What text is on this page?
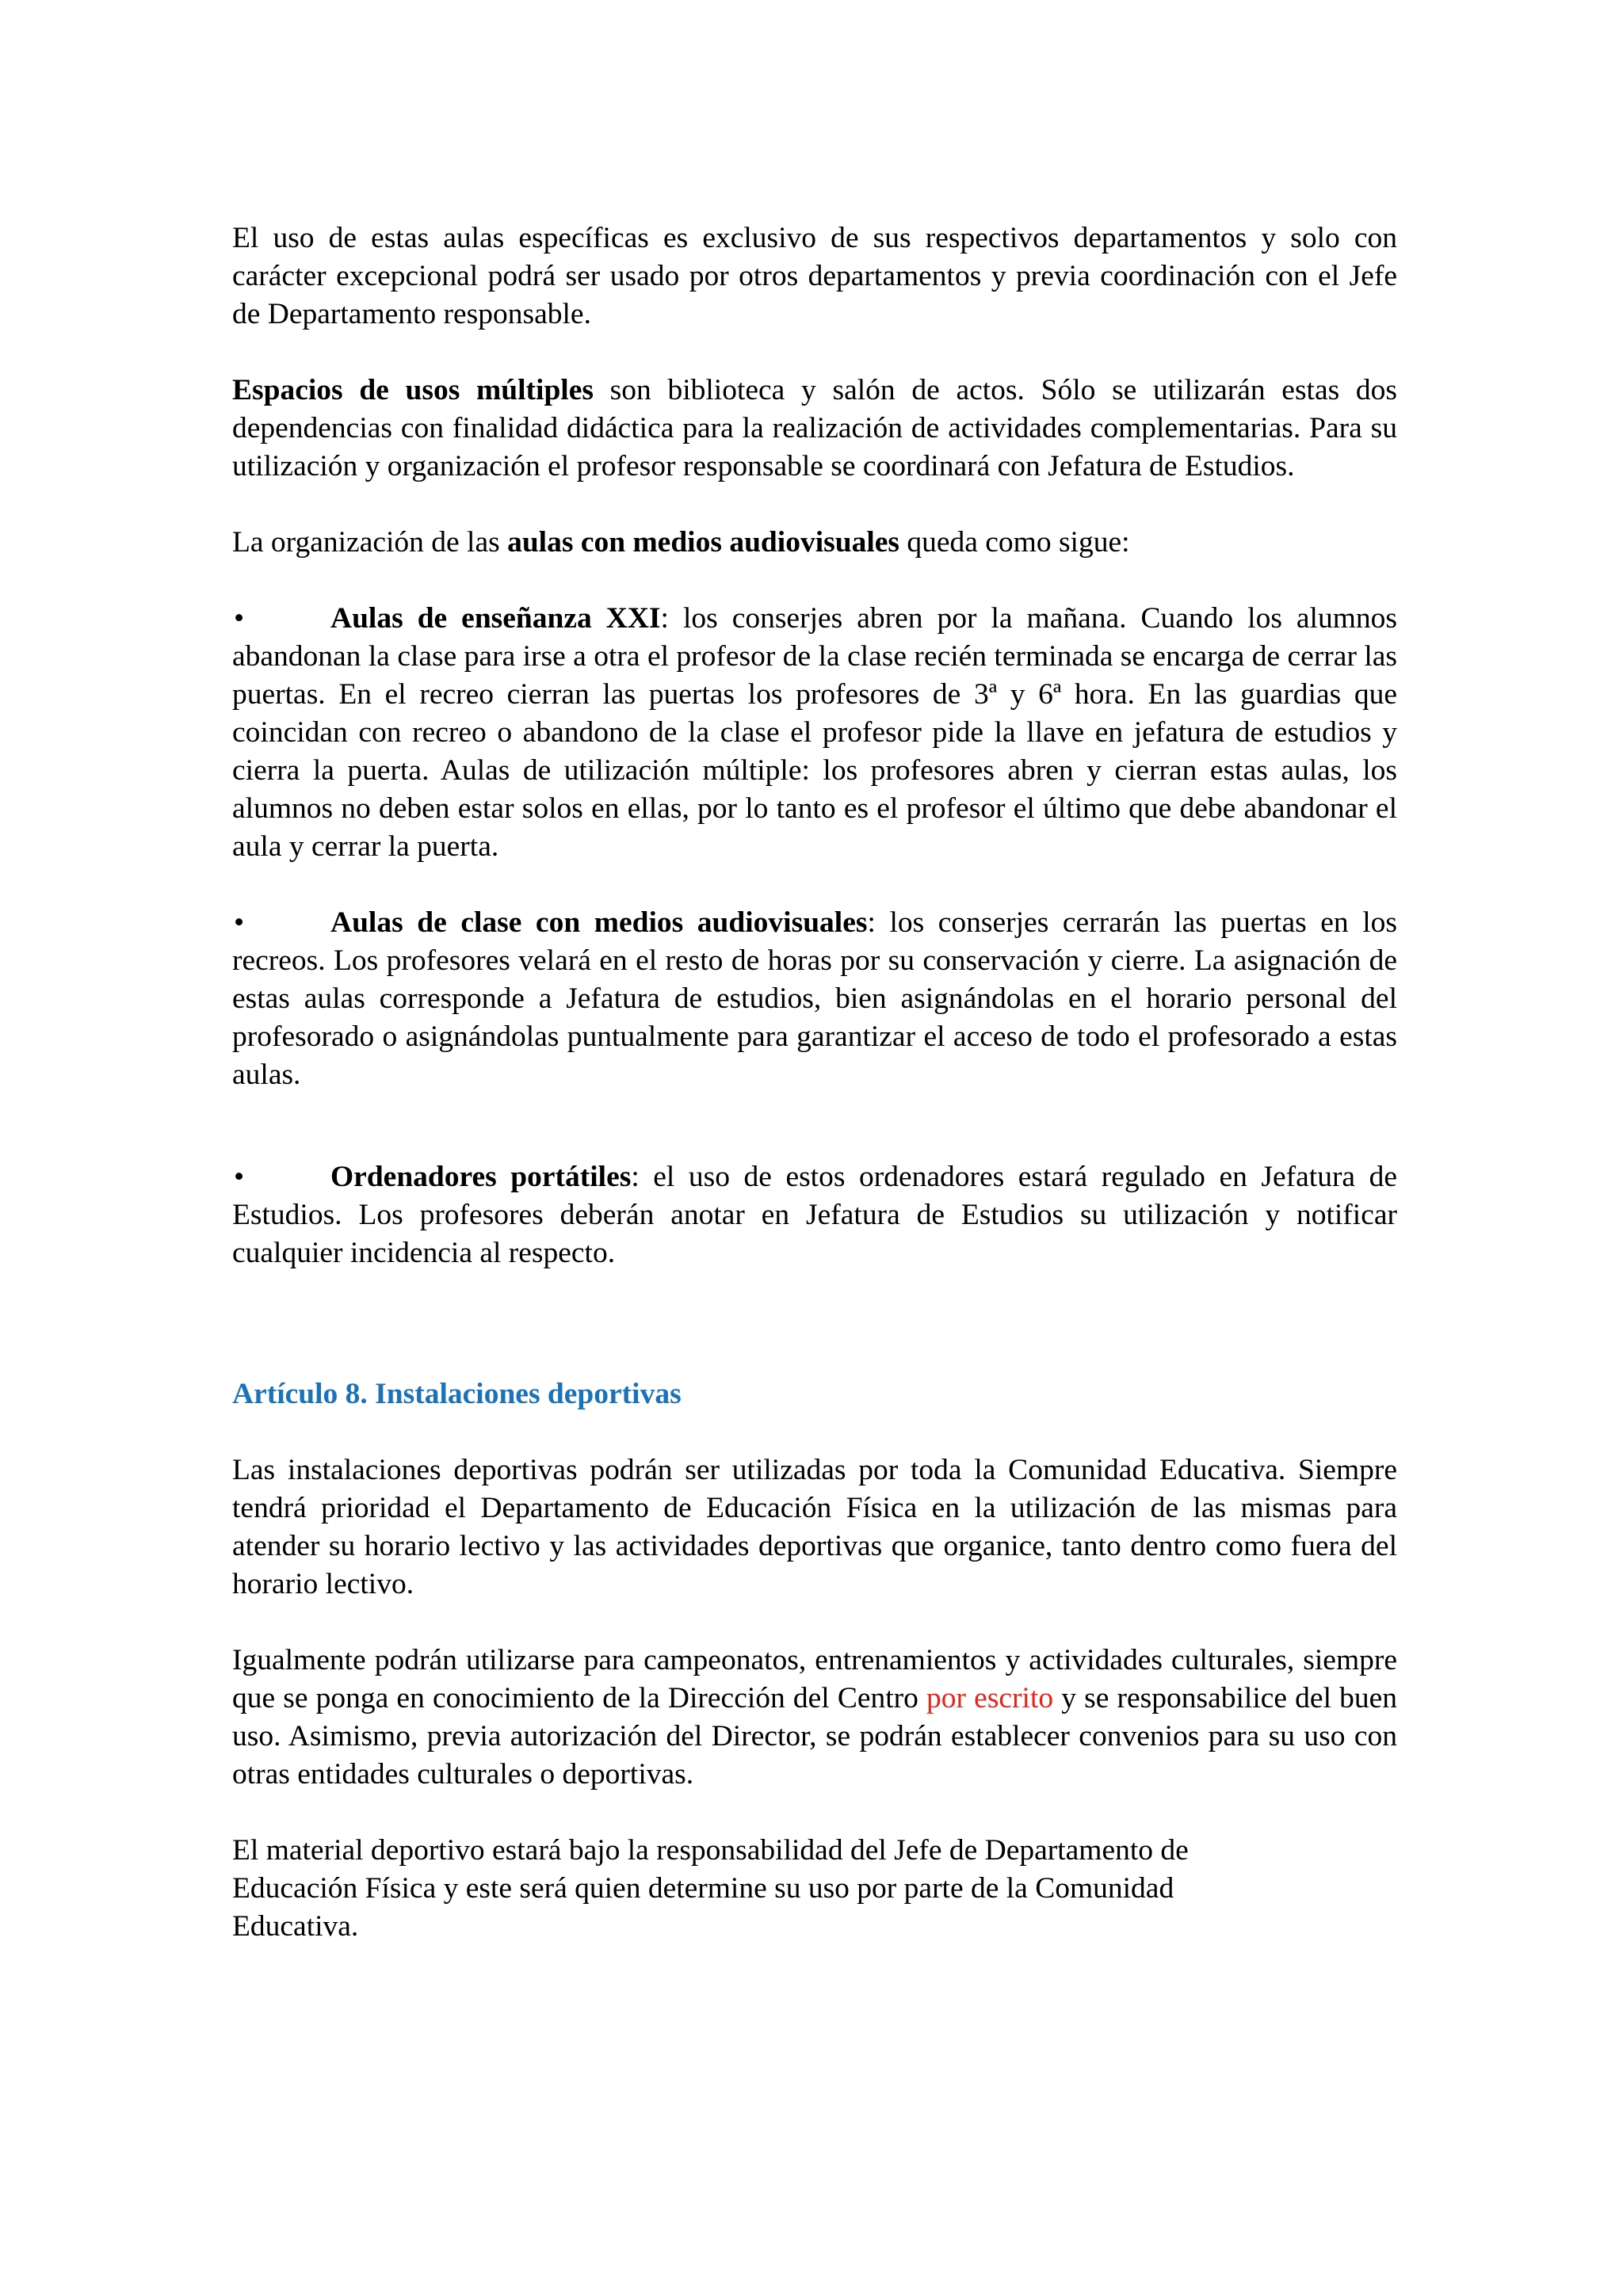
El uso de estas aulas específicas es exclusivo de sus respectivos departamentos y solo con carácter excepcional podrá ser usado por otros departamentos y previa coordinación con el Jefe de Departamento responsable.

Espacios de usos múltiples son biblioteca y salón de actos. Sólo se utilizarán estas dos dependencias con finalidad didáctica para la realización de actividades complementarias. Para su utilización y organización el profesor responsable se coordinará con Jefatura de Estudios.

La organización de las aulas con medios audiovisuales queda como sigue:

•	Aulas de enseñanza XXI: los conserjes abren por la mañana. Cuando los alumnos abandonan la clase para irse a otra el profesor de la clase recién terminada se encarga de cerrar las puertas. En el recreo cierran las puertas los profesores de 3ª y 6ª hora. En las guardias que coincidan con recreo o abandono de la clase el profesor pide la llave en jefatura de estudios y cierra la puerta. Aulas de utilización múltiple: los profesores abren y cierran estas aulas, los alumnos no deben estar solos en ellas, por lo tanto es el profesor el último que debe abandonar el aula y cerrar la puerta.

•	Aulas de clase con medios audiovisuales: los conserjes cerrarán las puertas en los recreos. Los profesores velará en el resto de horas por su conservación y cierre. La asignación de estas aulas corresponde a Jefatura de estudios, bien asignándolas en el horario personal del profesorado o asignándolas puntualmente para garantizar el acceso de todo el profesorado a estas aulas.

•	Ordenadores portátiles: el uso de estos ordenadores estará regulado en Jefatura de Estudios. Los profesores deberán anotar en Jefatura de Estudios su utilización y notificar cualquier incidencia al respecto.

Artículo 8. Instalaciones deportivas

Las instalaciones deportivas podrán ser utilizadas por toda la Comunidad Educativa. Siempre tendrá prioridad el Departamento de Educación Física en la utilización de las mismas para atender su horario lectivo y las actividades deportivas que organice, tanto dentro como fuera del horario lectivo.

Igualmente podrán utilizarse para campeonatos, entrenamientos y actividades culturales, siempre que se ponga en conocimiento de la Dirección del Centro por escrito y se responsabilice del buen uso. Asimismo, previa autorización del Director, se podrán establecer convenios para su uso con otras entidades culturales o deportivas.

El material deportivo estará bajo la responsabilidad del Jefe de Departamento de
Educación Física y este será quien determine su uso por parte de la Comunidad
Educativa.
